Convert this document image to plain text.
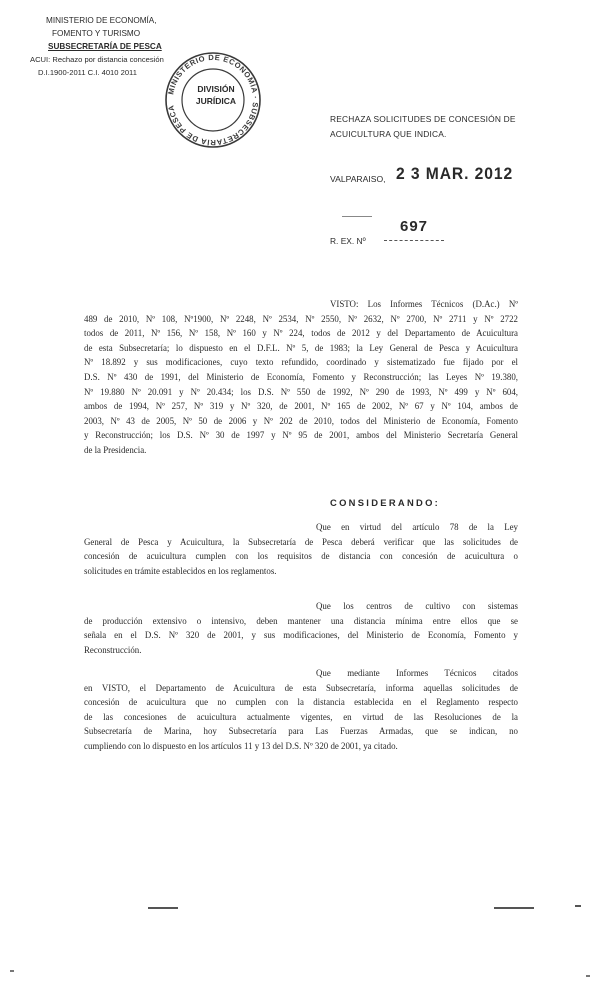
MINISTERIO DE ECONOMÍA,
FOMENTO Y TURISMO
SUBSECRETARÍA DE PESCA
ACUI: Rechazo por distancia concesión
D.I.1900-2011 C.I. 4010 2011
MINISTERIO DE ECONOMÍA · SUBSECRETARÍA DE PESCA
DIVISIÓN
JURÍDICA
RECHAZA SOLICITUDES DE CONCESIÓN DE
ACUICULTURA QUE INDICA.
VALPARAISO, 2 3 MAR. 2012
R. EX. Nº
697
VISTO: Los Informes Técnicos (D.Ac.) Nº
489 de 2010, Nº 108, Nº1900, Nº 2248, Nº 2534, Nº 2550, Nº 2632, Nº 2700, Nº 2711 y Nº 2722
todos de 2011, Nº 156, Nº 158, Nº 160 y Nº 224, todos de 2012 y del Departamento de Acuicultura
de esta Subsecretaría; lo dispuesto en el D.F.L. Nº 5, de 1983; la Ley General de Pesca y Acuicultura
Nº 18.892 y sus modificaciones, cuyo texto refundido, coordinado y sistematizado fue fijado por el
D.S. Nº 430 de 1991, del Ministerio de Economía, Fomento y Reconstrucción; las Leyes Nº 19.380,
Nº 19.880 Nº 20.091 y Nº 20.434; los D.S. Nº 550 de 1992, Nº 290 de 1993, Nº 499 y Nº 604,
ambos de 1994, Nº 257, Nº 319 y Nº 320, de 2001, Nº 165 de 2002, Nº 67 y Nº 104, ambos de
2003, Nº 43 de 2005, Nº 50 de 2006 y Nº 202 de 2010, todos del Ministerio de Economía, Fomento
y Reconstrucción; los D.S. Nº 30 de 1997 y Nº 95 de 2001, ambos del Ministerio Secretaría General
de la Presidencia.
CONSIDERANDO:
Que en virtud del artículo 78 de la Ley
General de Pesca y Acuicultura, la Subsecretaría de Pesca deberá verificar que las solicitudes de
concesión de acuicultura cumplen con los requisitos de distancia con concesión de acuicultura o
solicitudes en trámite establecidos en los reglamentos.
Que los centros de cultivo con sistemas
de producción extensivo o intensivo, deben mantener una distancia mínima entre ellos que se
señala en el D.S. Nº 320 de 2001, y sus modificaciones, del Ministerio de Economía, Fomento y
Reconstrucción.
Que mediante Informes Técnicos citados
en VISTO, el Departamento de Acuicultura de esta Subsecretaría, informa aquellas solicitudes de
concesión de acuicultura que no cumplen con la distancia establecida en el Reglamento respecto
de las concesiones de acuicultura actualmente vigentes, en virtud de las Resoluciones de la
Subsecretaría de Marina, hoy Subsecretaría para Las Fuerzas Armadas, que se indican, no
cumpliendo con lo dispuesto en los artículos 11 y 13 del D.S. Nº 320 de 2001, ya citado.
